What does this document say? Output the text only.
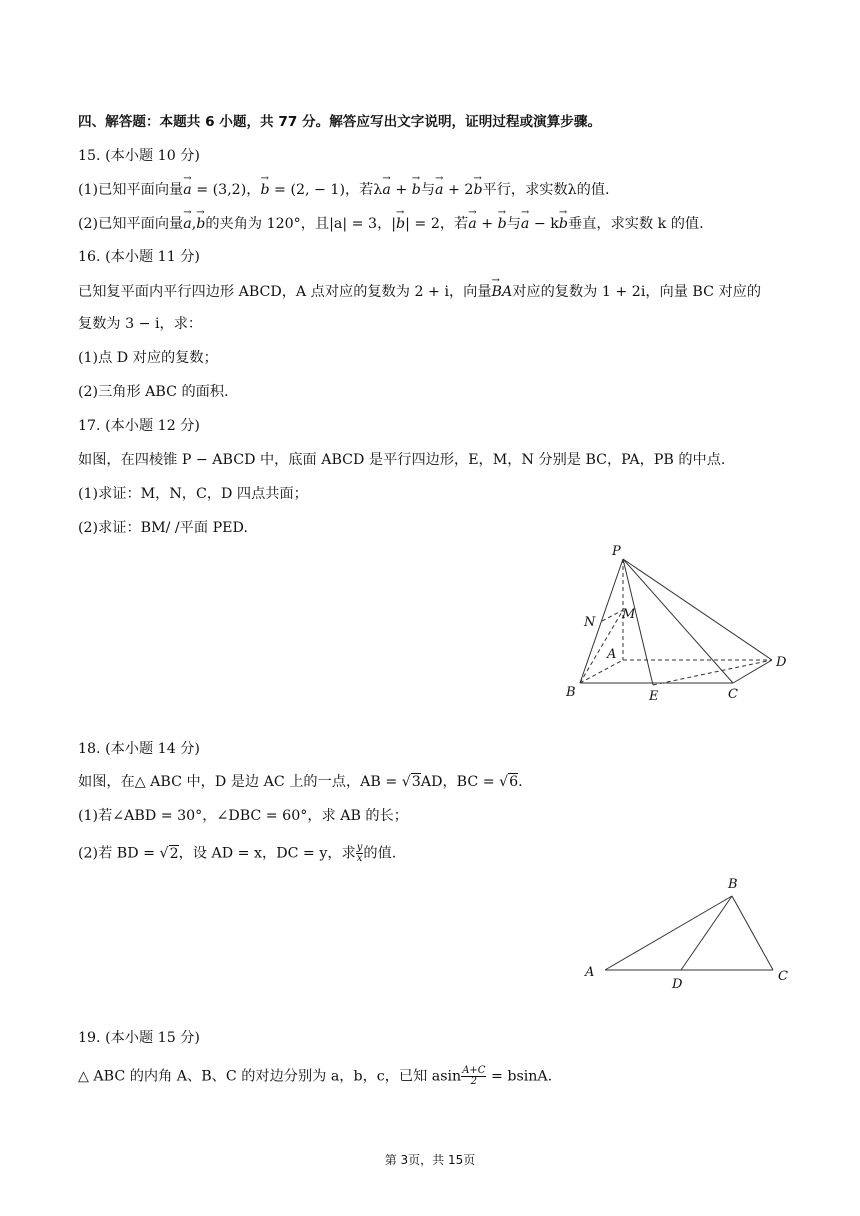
四、解答题：本题共 6 小题，共 77 分。解答应写出文字说明，证明过程或演算步骤。
15. (本小题 10 分)
(1)已知平面向量→ a = (3,2)，→ b = (2, − 1)，若λ→ a + → b与→ a + 2→ b平行，求实数λ的值.
(2)已知平面向量→ a,→ b的夹角为 120°，且|a| = 3，|→ b| = 2，若→ a + → b与→ a − k→ b垂直，求实数 k 的值.
16. (本小题 11 分)
已知复平面内平行四边形 ABCD，A 点对应的复数为 2 + i，向量→ BA对应的复数为 1 + 2i，向量 BC 对应的
复数为 3 − i，求：
(1)点 D 对应的复数；
(2)三角形 ABC 的面积.
17. (本小题 12 分)
如图，在四棱锥 P − ABCD 中，底面 ABCD 是平行四边形，E，M，N 分别是 BC，PA，PB 的中点.
(1)求证：M，N，C，D 四点共面；
(2)求证：BM/ /平面 PED.
P
M
N
A
B	E	C
D
18. (本小题 14 分)
如图，在△ ABC 中，D 是边 AC 上的一点，AB = √3AD，BC = √6.
(1)若∠ABD = 30°，∠DBC = 60°，求 AB 的长；
(2)若 BD = √2，设 AD = x，DC = y，求 $\frac{y}{x}$ 的值.
B
A	C
D
19. (本小题 15 分)
△ ABC 的内角 A、B、C 的对边分别为 a，b，c，已知 asin $\frac{A+C}{2} = bsinA$.
第 3页，共 15页
